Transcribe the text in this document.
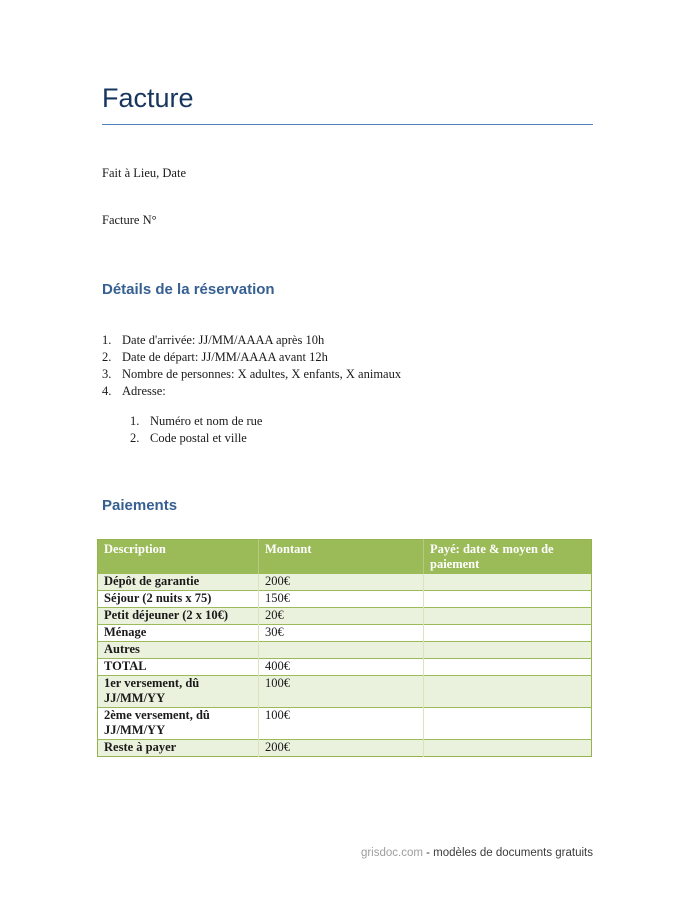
Facture

Fait à Lieu, Date

Facture N°

Détails de la réservation
1. Date d'arrivée: JJ/MM/AAAA après 10h
2. Date de départ: JJ/MM/AAAA avant 12h
3. Nombre de personnes: X adultes, X enfants, X animaux
4. Adresse:
1. Numéro et nom de rue
2. Code postal et ville
Paiements
Description	Montant	Payé: date & moyen de paiement
Dépôt de garantie	200€	
Séjour (2 nuits x 75)	150€	
Petit déjeuner (2 x 10€)	20€	
Ménage	30€	
Autres		
TOTAL	400€	
1er versement, dû JJ/MM/YY	100€	
2ème versement, dû JJ/MM/YY	100€	
Reste à payer	200€	
grisdoc.com - modèles de documents gratuits
